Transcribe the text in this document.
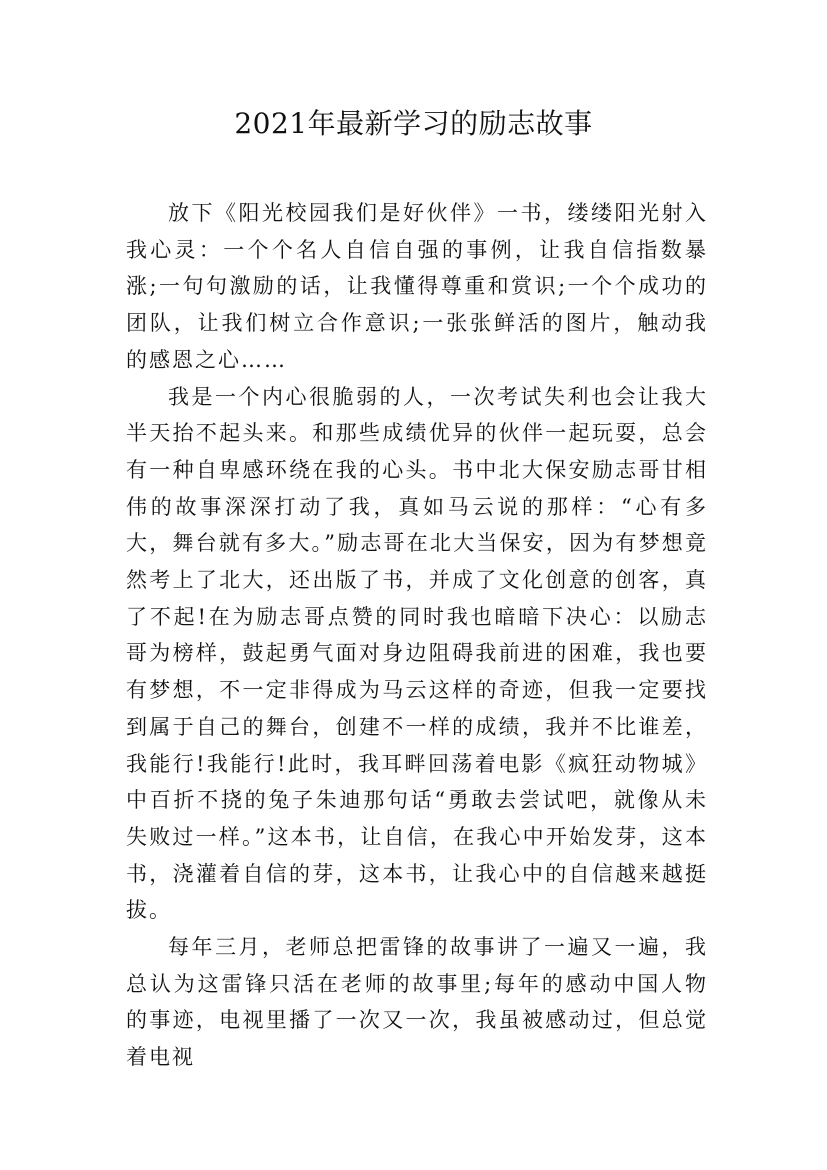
2021年最新学习的励志故事

放下《阳光校园我们是好伙伴》一书，缕缕阳光射入我心灵：一个个名人自信自强的事例，让我自信指数暴涨;一句句激励的话，让我懂得尊重和赏识;一个个成功的团队，让我们树立合作意识;一张张鲜活的图片，触动我的感恩之心……

我是一个内心很脆弱的人，一次考试失利也会让我大半天抬不起头来。和那些成绩优异的伙伴一起玩耍，总会有一种自卑感环绕在我的心头。书中北大保安励志哥甘相伟的故事深深打动了我，真如马云说的那样：“心有多大，舞台就有多大。”励志哥在北大当保安，因为有梦想竟然考上了北大，还出版了书，并成了文化创意的创客，真了不起!在为励志哥点赞的同时我也暗暗下决心：以励志哥为榜样，鼓起勇气面对身边阻碍我前进的困难，我也要有梦想，不一定非得成为马云这样的奇迹，但我一定要找到属于自己的舞台，创建不一样的成绩，我并不比谁差，我能行!我能行!此时，我耳畔回荡着电影《疯狂动物城》中百折不挠的兔子朱迪那句话“勇敢去尝试吧，就像从未失败过一样。”这本书，让自信，在我心中开始发芽，这本书，浇灌着自信的芽，这本书，让我心中的自信越来越挺拔。

每年三月，老师总把雷锋的故事讲了一遍又一遍，我总认为这雷锋只活在老师的故事里;每年的感动中国人物的事迹，电视里播了一次又一次，我虽被感动过，但总觉着电视
